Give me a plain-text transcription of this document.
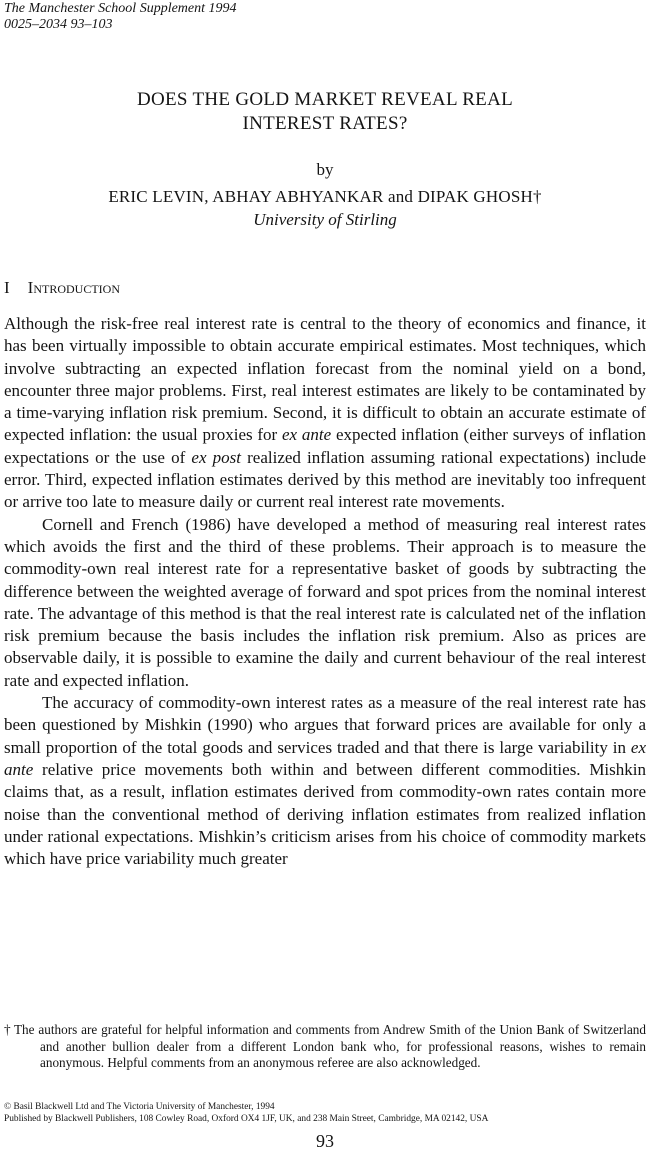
The Manchester School Supplement 1994
0025–2034 93–103
DOES THE GOLD MARKET REVEAL REAL
INTEREST RATES?
by
ERIC LEVIN, ABHAY ABHYANKAR and DIPAK GHOSH†
University of Stirling
I Introduction

Although the risk-free real interest rate is central to the theory of economics and finance, it has been virtually impossible to obtain accurate empirical estimates. Most techniques, which involve subtracting an expected inflation forecast from the nominal yield on a bond, encounter three major problems. First, real interest estimates are likely to be contaminated by a time-varying inflation risk premium. Second, it is difficult to obtain an accurate estimate of expected inflation: the usual proxies for ex ante expected inflation (either surveys of inflation expectations or the use of ex post realized inflation assuming rational expectations) include error. Third, expected inflation estimates derived by this method are inevitably too infrequent or arrive too late to measure daily or current real interest rate movements.

Cornell and French (1986) have developed a method of measuring real interest rates which avoids the first and the third of these problems. Their approach is to measure the commodity-own real interest rate for a representative basket of goods by subtracting the difference between the weighted average of forward and spot prices from the nominal interest rate. The advantage of this method is that the real interest rate is calculated net of the inflation risk premium because the basis includes the inflation risk premium. Also as prices are observable daily, it is possible to examine the daily and current behaviour of the real interest rate and expected inflation.

The accuracy of commodity-own interest rates as a measure of the real interest rate has been questioned by Mishkin (1990) who argues that forward prices are available for only a small proportion of the total goods and services traded and that there is large variability in ex ante relative price movements both within and between different commodities. Mishkin claims that, as a result, inflation estimates derived from commodity-own rates contain more noise than the conventional method of deriving inflation estimates from realized inflation under rational expectations. Mishkin’s criticism arises from his choice of commodity markets which have price variability much greater

† The authors are grateful for helpful information and comments from Andrew Smith of the Union Bank of Switzerland and another bullion dealer from a different London bank who, for professional reasons, wishes to remain anonymous. Helpful comments from an anonymous referee are also acknowledged.
© Basil Blackwell Ltd and The Victoria University of Manchester, 1994
Published by Blackwell Publishers, 108 Cowley Road, Oxford OX4 1JF, UK, and 238 Main Street, Cambridge, MA 02142, USA
93
